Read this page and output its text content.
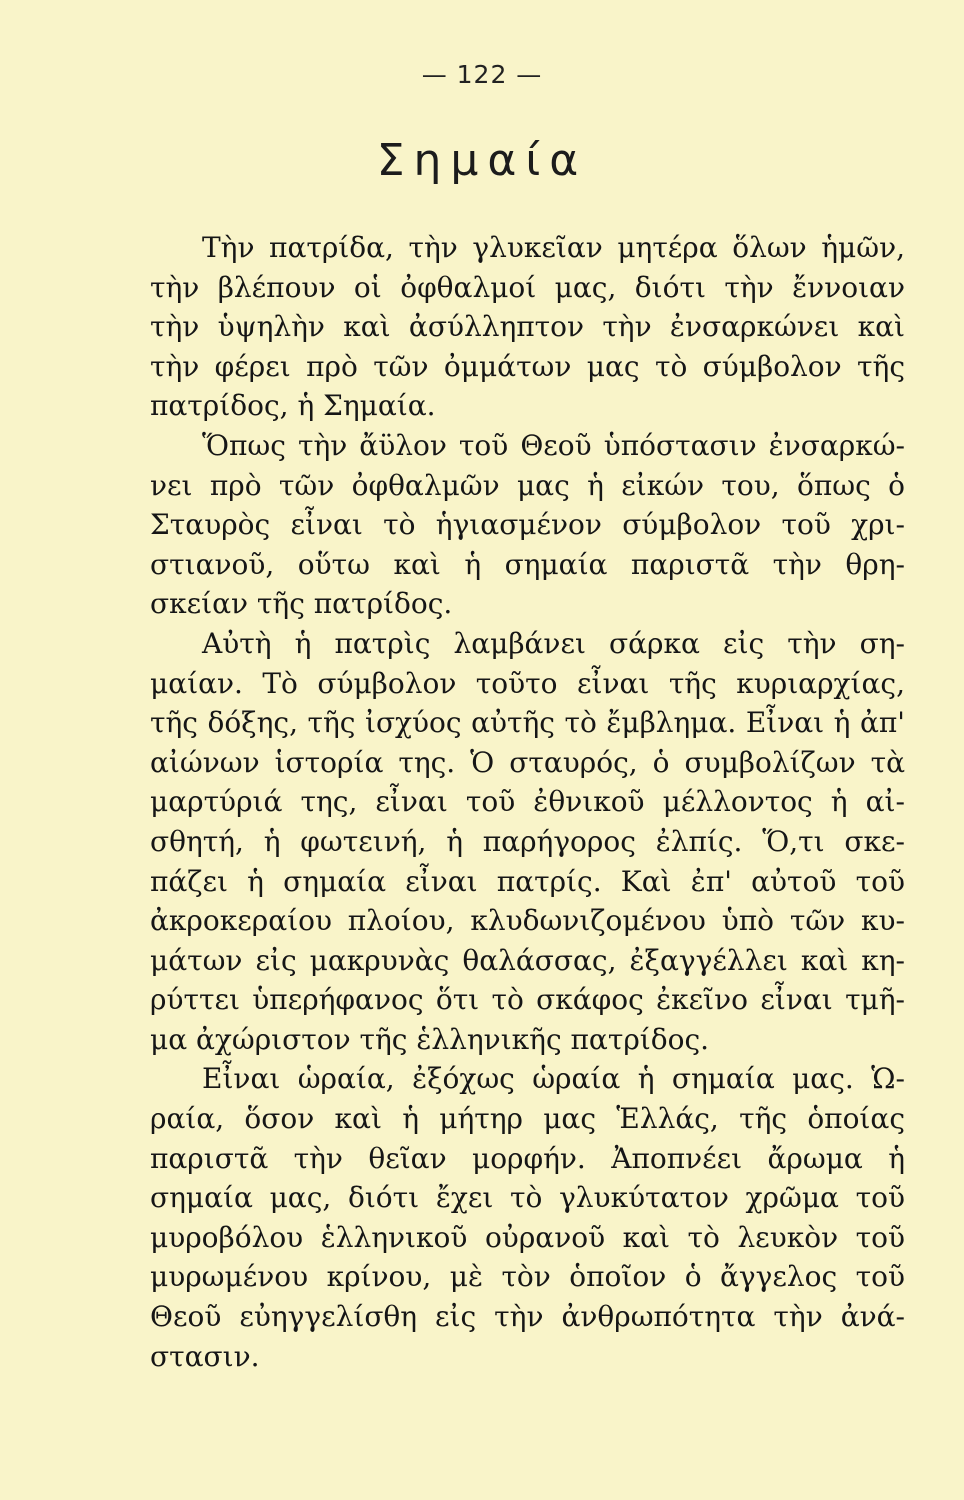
— 122 —
Σημαία
Τὴν πατρίδα, τὴν γλυκεῖαν μητέρα ὅλων ἡμῶν,
τὴν βλέπουν οἱ ὀφθαλμοί μας, διότι τὴν ἔννοιαν
τὴν ὑψηλὴν καὶ ἀσύλληπτον τὴν ἐνσαρκώνει καὶ
τὴν φέρει πρὸ τῶν ὀμμάτων μας τὸ σύμβολον τῆς
πατρίδος, ἡ Σημαία.
Ὅπως τὴν ἄϋλον τοῦ Θεοῦ ὑπόστασιν ἐνσαρκώ-
νει πρὸ τῶν ὀφθαλμῶν μας ἡ εἰκών του, ὅπως ὁ
Σταυρὸς εἶναι τὸ ἡγιασμένον σύμβολον τοῦ χρι-
στιανοῦ, οὕτω καὶ ἡ σημαία παριστᾶ τὴν θρη-
σκείαν τῆς πατρίδος.
Αὐτὴ ἡ πατρὶς λαμβάνει σάρκα εἰς τὴν ση-
μαίαν. Τὸ σύμβολον τοῦτο εἶναι τῆς κυριαρχίας,
τῆς δόξης, τῆς ἰσχύος αὐτῆς τὸ ἔμβλημα. Εἶναι ἡ ἀπ'
αἰώνων ἱστορία της. Ὁ σταυρός, ὁ συμβολίζων τὰ
μαρτύριά της, εἶναι τοῦ ἐθνικοῦ μέλλοντος ἡ αἰ-
σθητή, ἡ φωτεινή, ἡ παρήγορος ἐλπίς. Ὅ,τι σκε-
πάζει ἡ σημαία εἶναι πατρίς. Καὶ ἐπ' αὐτοῦ τοῦ
ἀκροκεραίου πλοίου, κλυδωνιζομένου ὑπὸ τῶν κυ-
μάτων εἰς μακρυνὰς θαλάσσας, ἐξαγγέλλει καὶ κη-
ρύττει ὑπερήφανος ὅτι τὸ σκάφος ἐκεῖνο εἶναι τμῆ-
μα ἀχώριστον τῆς ἑλληνικῆς πατρίδος.
Εἶναι ὡραία, ἐξόχως ὡραία ἡ σημαία μας. Ὡ-
ραία, ὅσον καὶ ἡ μήτηρ μας Ἑλλάς, τῆς ὁποίας
παριστᾶ τὴν θεῖαν μορφήν. Ἀποπνέει ἄρωμα ἡ
σημαία μας, διότι ἔχει τὸ γλυκύτατον χρῶμα τοῦ
μυροβόλου ἑλληνικοῦ οὐρανοῦ καὶ τὸ λευκὸν τοῦ
μυρωμένου κρίνου, μὲ τὸν ὁποῖον ὁ ἄγγελος τοῦ
Θεοῦ εὐηγγελίσθη εἰς τὴν ἀνθρωπότητα τὴν ἀνά-
στασιν.
